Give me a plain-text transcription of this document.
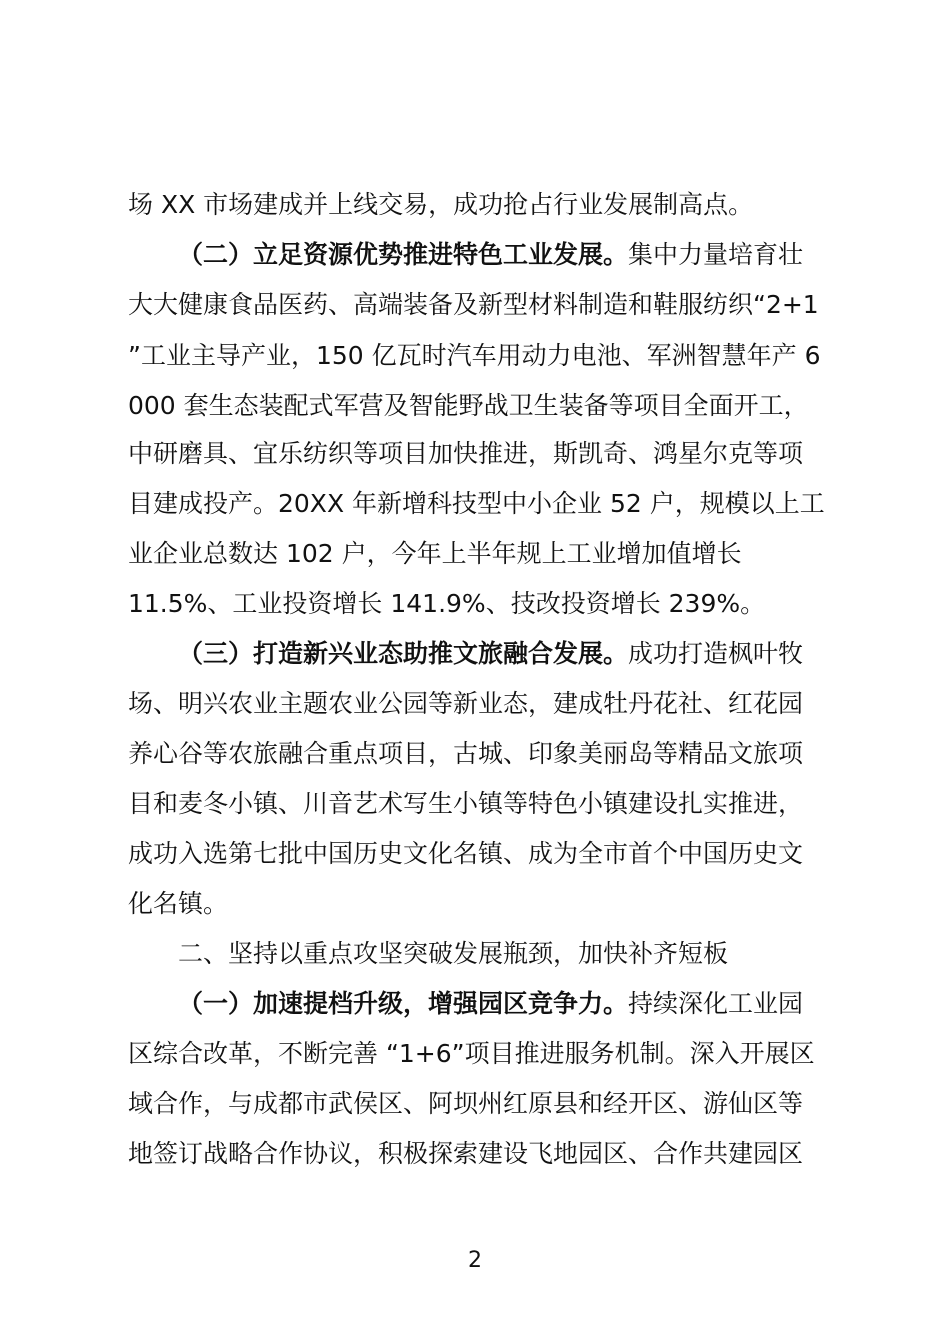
场 XX 市场建成并上线交易，成功抢占行业发展制高点。
（二）立足资源优势推进特色工业发展。集中力量培育壮
大大健康食品医药、高端装备及新型材料制造和鞋服纺织“2+1
”工业主导产业，150 亿瓦时汽车用动力电池、军洲智慧年产 6
000 套生态装配式军营及智能野战卫生装备等项目全面开工，
中研磨具、宜乐纺织等项目加快推进，斯凯奇、鸿星尔克等项
目建成投产。20XX 年新增科技型中小企业 52 户，规模以上工
业企业总数达 102 户，今年上半年规上工业增加值增长
11.5%、工业投资增长 141.9%、技改投资增长 239%。
（三）打造新兴业态助推文旅融合发展。成功打造枫叶牧
场、明兴农业主题农业公园等新业态，建成牡丹花社、红花园
养心谷等农旅融合重点项目，古城、印象美丽岛等精品文旅项
目和麦冬小镇、川音艺术写生小镇等特色小镇建设扎实推进，
成功入选第七批中国历史文化名镇、成为全市首个中国历史文
化名镇。
二、坚持以重点攻坚突破发展瓶颈，加快补齐短板
（一）加速提档升级，增强园区竞争力。持续深化工业园
区综合改革，不断完善 “1+6”项目推进服务机制。深入开展区
域合作，与成都市武侯区、阿坝州红原县和经开区、游仙区等
地签订战略合作协议，积极探索建设飞地园区、合作共建园区
2
